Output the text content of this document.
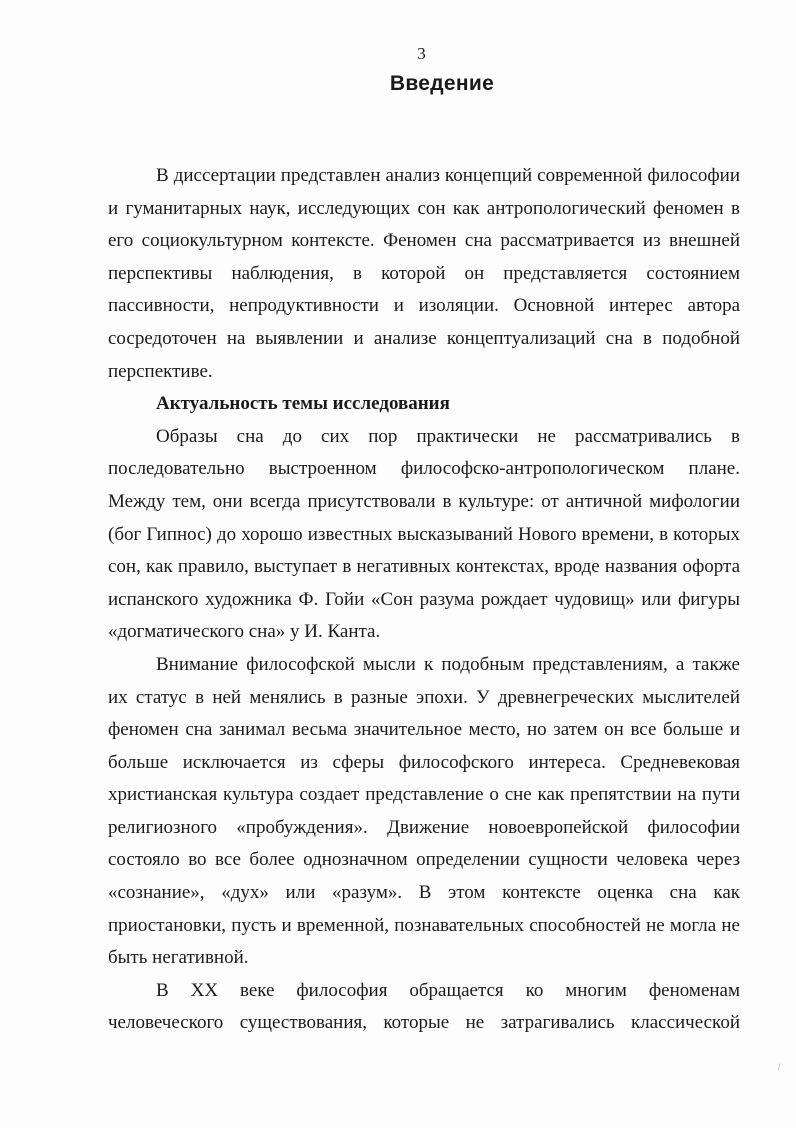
3
Введение
В диссертации представлен анализ концепций современной философии
и гуманитарных наук, исследующих сон как антропологический феномен в
его социокультурном контексте. Феномен сна рассматривается из внешней
перспективы наблюдения, в которой он представляется состоянием
пассивности, непродуктивности и изоляции. Основной интерес автора
сосредоточен на выявлении и анализе концептуализаций сна в подобной
перспективе.
Актуальность темы исследования
Образы сна до сих пор практически не рассматривались в
последовательно выстроенном философско-антропологическом плане.
Между тем, они всегда присутствовали в культуре: от античной мифологии
(бог Гипнос) до хорошо известных высказываний Нового времени, в которых
сон, как правило, выступает в негативных контекстах, вроде названия офорта
испанского художника Ф. Гойи «Сон разума рождает чудовищ» или фигуры
«догматического сна» у И. Канта.
Внимание философской мысли к подобным представлениям, а также
их статус в ней менялись в разные эпохи. У древнегреческих мыслителей
феномен сна занимал весьма значительное место, но затем он все больше и
больше исключается из сферы философского интереса. Средневековая
христианская культура создает представление о сне как препятствии на пути
религиозного «пробуждения». Движение новоевропейской философии
состояло во все более однозначном определении сущности человека через
«сознание», «дух» или «разум». В этом контексте оценка сна как
приостановки, пусть и временной, познавательных способностей не могла не
быть негативной.
В XX веке философия обращается ко многим феноменам
человеческого существования, которые не затрагивались классической
/
